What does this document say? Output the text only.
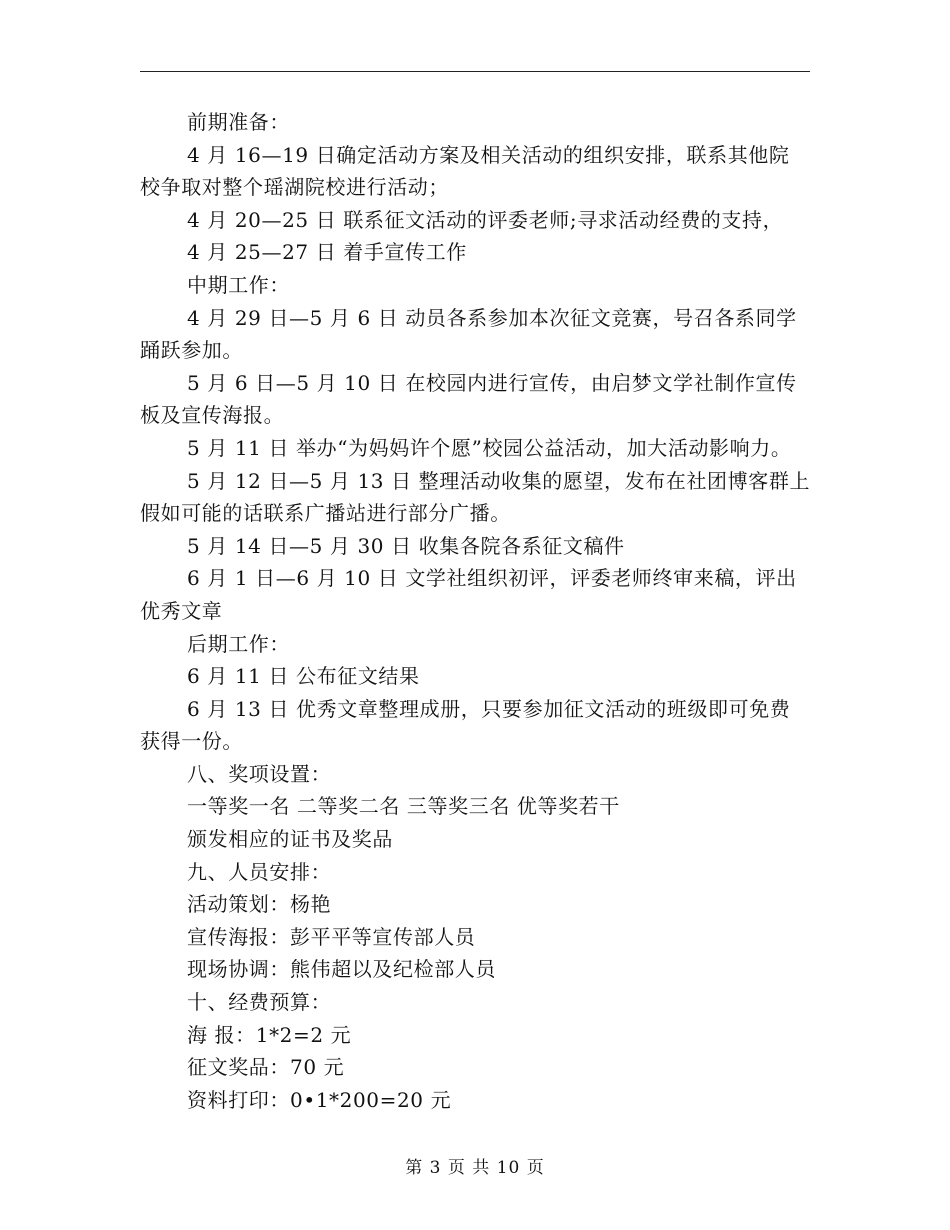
前期准备：
4 月 16—19 日确定活动方案及相关活动的组织安排，联系其他院
校争取对整个瑶湖院校进行活动；
4 月 20—25 日 联系征文活动的评委老师;寻求活动经费的支持，
4 月 25—27 日 着手宣传工作
中期工作：
4 月 29 日—5 月 6 日 动员各系参加本次征文竞赛，号召各系同学
踊跃参加。
5 月 6 日—5 月 10 日 在校园内进行宣传，由启梦文学社制作宣传
板及宣传海报。
5 月 11 日 举办“为妈妈许个愿”校园公益活动，加大活动影响力。
5 月 12 日—5 月 13 日 整理活动收集的愿望，发布在社团博客群上
假如可能的话联系广播站进行部分广播。
5 月 14 日—5 月 30 日 收集各院各系征文稿件
6 月 1 日—6 月 10 日 文学社组织初评，评委老师终审来稿，评出
优秀文章
后期工作：
6 月 11 日 公布征文结果
6 月 13 日 优秀文章整理成册，只要参加征文活动的班级即可免费
获得一份。
八、奖项设置：
一等奖一名 二等奖二名 三等奖三名 优等奖若干
颁发相应的证书及奖品
九、人员安排：
活动策划：杨艳
宣传海报：彭平平等宣传部人员
现场协调：熊伟超以及纪检部人员
十、经费预算：
海 报：1*2=2 元
征文奖品：70 元
资料打印：0•1*200=20 元
第 3 页 共 10 页
